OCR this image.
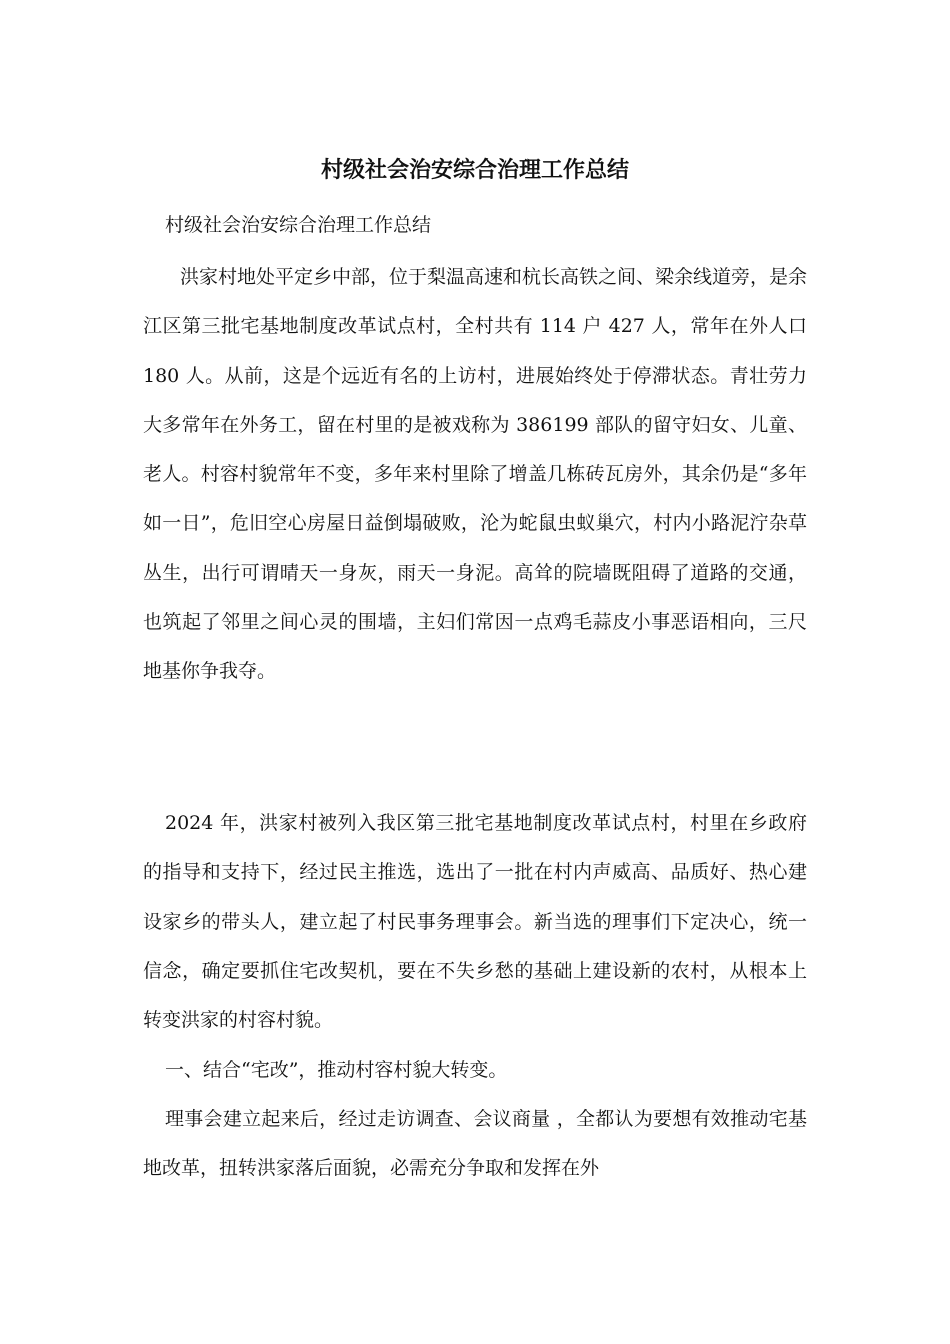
村级社会治安综合治理工作总结

村级社会治安综合治理工作总结

洪家村地处平定乡中部，位于梨温高速和杭长高铁之间、梁余线道旁，是余江区第三批宅基地制度改革试点村，全村共有 114 户 427 人，常年在外人口 180 人。从前，这是个远近有名的上访村，进展始终处于停滞状态。青壮劳力大多常年在外务工，留在村里的是被戏称为 386199 部队的留守妇女、儿童、老人。村容村貌常年不变，多年来村里除了增盖几栋砖瓦房外，其余仍是“多年如一日”，危旧空心房屋日益倒塌破败，沦为蛇鼠虫蚁巢穴，村内小路泥泞杂草丛生，出行可谓晴天一身灰，雨天一身泥。高耸的院墙既阻碍了道路的交通，也筑起了邻里之间心灵的围墙，主妇们常因一点鸡毛蒜皮小事恶语相向，三尺地基你争我夺。

2024 年，洪家村被列入我区第三批宅基地制度改革试点村，村里在乡政府的指导和支持下，经过民主推选，选出了一批在村内声威高、品质好、热心建设家乡的带头人，建立起了村民事务理事会。新当选的理事们下定决心，统一信念，确定要抓住宅改契机，要在不失乡愁的基础上建设新的农村，从根本上转变洪家的村容村貌。

一、结合“宅改”，推动村容村貌大转变。

理事会建立起来后，经过走访调查、会议商量 ，全都认为要想有效推动宅基地改革，扭转洪家落后面貌，必需充分争取和发挥在外
